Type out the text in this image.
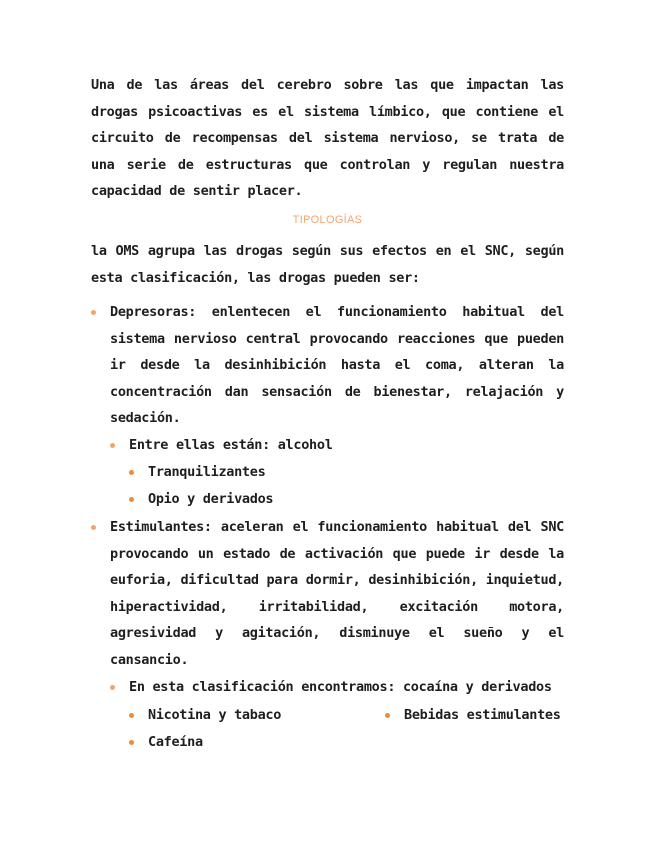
Una de las áreas del cerebro sobre las que impactan las drogas psicoactivas es el sistema límbico, que contiene el circuito de recompensas del sistema nervioso, se trata de una serie de estructuras que controlan y regulan nuestra capacidad de sentir placer.

TIPOLOGÍAS

la OMS agrupa las drogas según sus efectos en el SNC, según esta clasificación, las drogas pueden ser:

Depresoras: enlentecen el funcionamiento habitual del sistema nervioso central provocando reacciones que pueden ir desde la desinhibición hasta el coma, alteran la concentración dan sensación de bienestar, relajación y sedación.

Entre ellas están: alcohol

Tranquilizantes

Opio y derivados

Estimulantes: aceleran el funcionamiento habitual del SNC provocando un estado de activación que puede ir desde la euforia, dificultad para dormir, desinhibición, inquietud, hiperactividad, irritabilidad, excitación motora, agresividad y agitación, disminuye el sueño y el cansancio.

En esta clasificación encontramos: cocaína y derivados

Nicotina y tabaco

Cafeína

Bebidas estimulantes
